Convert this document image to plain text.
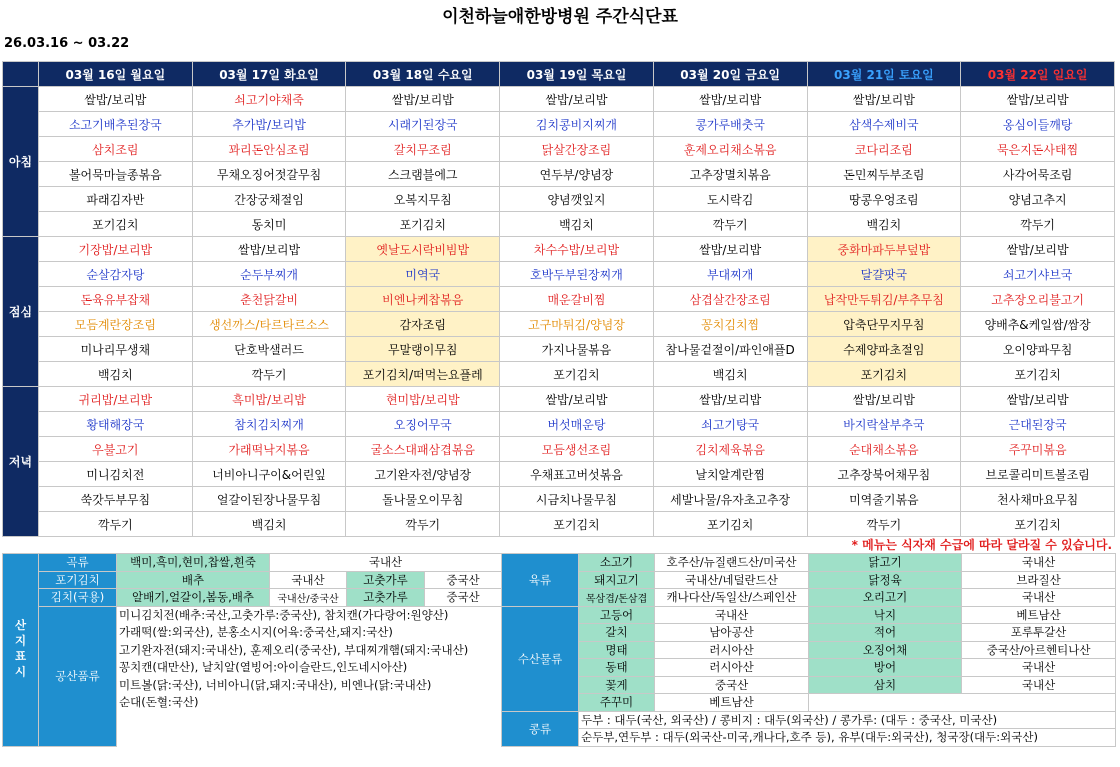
이천하늘애한방병원 주간식단표
26.03.16 ~ 03.22
	03월 16일 월요일	03월 17일 화요일	03월 18일 수요일	03월 19일 목요일	03월 20일 금요일	03월 21일 토요일	03월 22일 일요일
아침	쌀밥/보리밥	쇠고기야채죽	쌀밥/보리밥	쌀밥/보리밥	쌀밥/보리밥	쌀밥/보리밥	쌀밥/보리밥
	소고기배추된장국	추가밥/보리밥	시래기된장국	김치콩비지찌개	콩가루배춧국	삼색수제비국	옹심이들깨탕
	삼치조림	꽈리돈안심조림	갈치무조림	닭살간장조림	훈제오리채소볶음	코다리조림	묵은지돈사태찜
	볼어묵마늘종볶음	무채오징어젓갈무침	스크램블에그	연두부/양념장	고추장멸치볶음	돈민찌두부조림	사각어묵조림
	파래김자반	간장궁채절임	오복지무침	양념깻잎지	도시락김	땅콩우엉조림	양념고추지
	포기김치	동치미	포기김치	백김치	깍두기	백김치	깍두기
점심	기장밥/보리밥	쌀밥/보리밥	옛날도시락비빔밥	차수수밥/보리밥	쌀밥/보리밥	중화마파두부덮밥	쌀밥/보리밥
	순살감자탕	순두부찌개	미역국	호박두부된장찌개	부대찌개	달걀팟국	쇠고기샤브국
	돈육유부잡채	춘천닭갈비	비엔나케찹볶음	매운갈비찜	삼겹살간장조림	납작만두튀김/부추무침	고추장오리불고기
	모듬계란장조림	생선까스/타르타르소스	감자조림	고구마튀김/양념장	꽁치김치찜	압축단무지무침	양배추&케일쌈/쌈장
	미나리무생채	단호박샐러드	무말랭이무침	가지나물볶음	참나물겉절이/파인애플D	수제양파초절임	오이양파무침
	백김치	깍두기	포기김치/떠먹는요플레	포기김치	백김치	포기김치	포기김치
저녁	귀리밥/보리밥	흑미밥/보리밥	현미밥/보리밥	쌀밥/보리밥	쌀밥/보리밥	쌀밥/보리밥	쌀밥/보리밥
	황태해장국	참치김치찌개	오징어무국	버섯매운탕	쇠고기탕국	바지락살부추국	근대된장국
	우불고기	가래떡낙지볶음	굴소스대패삼겹볶음	모듬생선조림	김치제육볶음	순대채소볶음	주꾸미볶음
	미니김치전	너비아니구이&어린잎	고기완자전/양념장	우채표고버섯볶음	날치알계란찜	고추장북어채무침	브로콜리미트볼조림
	쑥갓두부무침	얼갈이된장나물무침	돌나물오이무침	시금치나물무침	세발나물/유자초고추장	미역줄기볶음	천사채마요무침
	깍두기	백김치	깍두기	포기김치	포기김치	깍두기	포기김치
* 메뉴는 식자재 수급에 따라 달라질 수 있습니다.
산지표시	곡류	백미,흑미,현미,찹쌀,흰죽	국내산			육류	소고기	호주산/뉴질랜드산/미국산	닭고기	국내산
	포기김치	배추	국내산	고춧가루	중국산		돼지고기	국내산/네덜란드산	닭정육	브라질산
	김치(국용)	알배기,얼갈이,봄동,배추	국내산/중국산	고춧가루	중국산		목삼겹/돈삼겹	캐나다산/독일산/스페인산	오리고기	국내산
	공산품류	미니김치전(배추:국산,고춧가루:중국산), 참치캔(가다랑어:원양산)				수산물류	고등어	국내산	낙지	베트남산
		가래떡(쌀:외국산), 분홍소시지(어육:중국산,돼지:국산)					갈치	남아공산	적어	포루투갈산
		고기완자전(돼지:국내산), 훈제오리(중국산), 부대찌개햄(돼지:국내산)					명태	러시아산	오징어채	중국산/아르헨티나산
		꽁치캔(대만산), 날치알(열빙어:아이슬란드,인도네시아산)					동태	러시아산	방어	국내산
		미트볼(닭:국산), 너비아니(닭,돼지:국내산), 비엔나(닭:국내산)					꽃게	중국산	삼치	국내산
		순대(돈혈:국산)					주꾸미	베트남산		
						콩류	두부 : 대두(국산, 외국산) / 콩비지 : 대두(외국산) / 콩가루: (대두 : 중국산, 미국산)			
							순두부,연두부 : 대두(외국산-미국,캐나다,호주 등), 유부(대두:외국산), 청국장(대두:외국산)			
